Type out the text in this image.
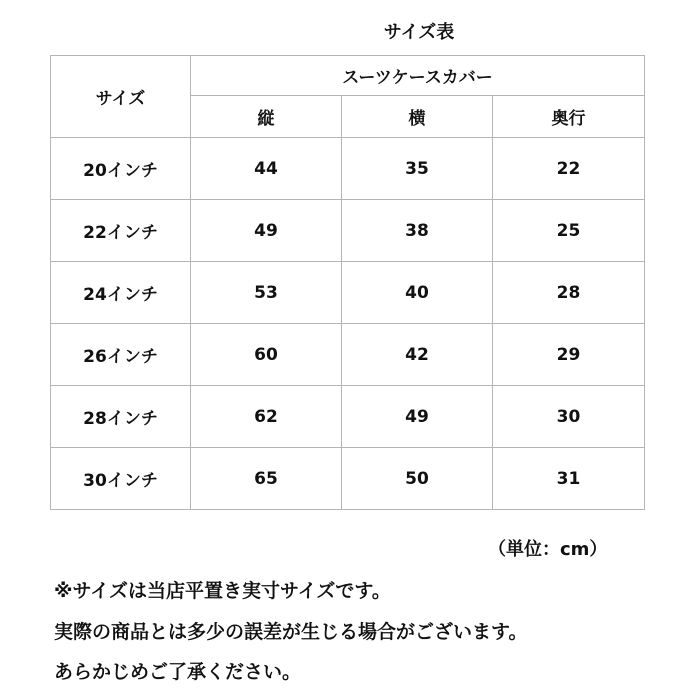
サイズ表
サイズ	スーツケースカバー		
	縦	横	奥行
20インチ	44	35	22
22インチ	49	38	25
24インチ	53	40	28
26インチ	60	42	29
28インチ	62	49	30
30インチ	65	50	31
（単位：cm）
※サイズは当店平置き実寸サイズです。
実際の商品とは多少の誤差が生じる場合がございます。
あらかじめご了承ください。
